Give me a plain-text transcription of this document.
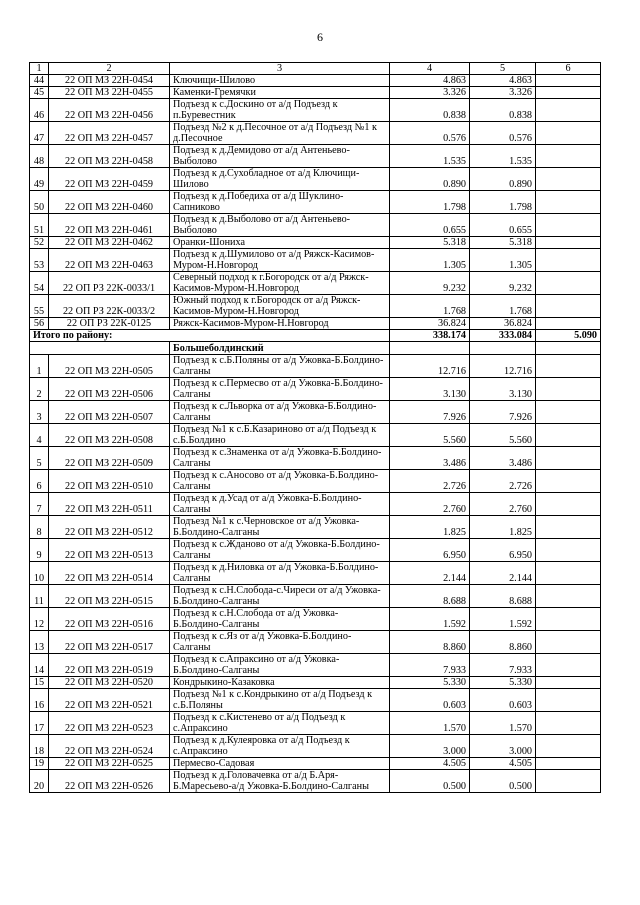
6
1	2	3	4	5	6
44	22 ОП МЗ 22Н-0454	Ключищи-Шилово	4.863	4.863	
45	22 ОП МЗ 22Н-0455	Каменки-Гремячки	3.326	3.326	
46	22 ОП МЗ 22Н-0456	Подъезд к с.Доскино от а/д Подъезд к п.Буревестник	0.838	0.838	
47	22 ОП МЗ 22Н-0457	Подъезд №2 к д.Песочное от а/д Подъезд №1 к д.Песочное	0.576	0.576	
48	22 ОП МЗ 22Н-0458	Подъезд к д.Демидово от а/д Антеньево-Выболово	1.535	1.535	
49	22 ОП МЗ 22Н-0459	Подъезд к д.Сухобладное от а/д Ключищи-Шилово	0.890	0.890	
50	22 ОП МЗ 22Н-0460	Подъезд к д.Победиха от а/д Шуклино-Сапниково	1.798	1.798	
51	22 ОП МЗ 22Н-0461	Подъезд к д.Выболово от а/д Антеньево-Выболово	0.655	0.655	
52	22 ОП МЗ 22Н-0462	Оранки-Шониха	5.318	5.318	
53	22 ОП МЗ 22Н-0463	Подъезд к д.Шумилово от а/д Ряжск-Касимов-Муром-Н.Новгород	1.305	1.305	
54	22 ОП РЗ 22К-0033/1	Северный подход к г.Богородск от а/д Ряжск-Касимов-Муром-Н.Новгород	9.232	9.232	
55	22 ОП РЗ 22К-0033/2	Южный подход к г.Богородск от а/д Ряжск-Касимов-Муром-Н.Новгород	1.768	1.768	
56	22 ОП РЗ 22К-0125	Ряжск-Касимов-Муром-Н.Новгород	36.824	36.824	
Итого по району:			338.174	333.084	5.090
		Большеболдинский			
1	22 ОП МЗ 22Н-0505	Подъезд к с.Б.Поляны от а/д Ужовка-Б.Болдино-Салганы	12.716	12.716	
2	22 ОП МЗ 22Н-0506	Подъезд к с.Пермесво от а/д Ужовка-Б.Болдино-Салганы	3.130	3.130	
3	22 ОП МЗ 22Н-0507	Подъезд к с.Льворка от а/д Ужовка-Б.Болдино-Салганы	7.926	7.926	
4	22 ОП МЗ 22Н-0508	Подъезд №1 к с.Б.Казариново от а/д Подъезд к с.Б.Болдино	5.560	5.560	
5	22 ОП МЗ 22Н-0509	Подъезд к с.Знаменка от а/д Ужовка-Б.Болдино-Салганы	3.486	3.486	
6	22 ОП МЗ 22Н-0510	Подъезд к с.Аносово от а/д Ужовка-Б.Болдино-Салганы	2.726	2.726	
7	22 ОП МЗ 22Н-0511	Подъезд к д.Усад от а/д Ужовка-Б.Болдино-Салганы	2.760	2.760	
8	22 ОП МЗ 22Н-0512	Подъезд №1 к с.Черновское от а/д Ужовка-Б.Болдино-Салганы	1.825	1.825	
9	22 ОП МЗ 22Н-0513	Подъезд к с.Жданово от а/д Ужовка-Б.Болдино-Салганы	6.950	6.950	
10	22 ОП МЗ 22Н-0514	Подъезд к д.Ниловка от а/д Ужовка-Б.Болдино-Салганы	2.144	2.144	
11	22 ОП МЗ 22Н-0515	Подъезд к с.Н.Слобода-с.Чиреси от а/д Ужовка-Б.Болдино-Салганы	8.688	8.688	
12	22 ОП МЗ 22Н-0516	Подъезд к с.Н.Слобода от а/д Ужовка-Б.Болдино-Салганы	1.592	1.592	
13	22 ОП МЗ 22Н-0517	Подъезд к с.Яз от а/д Ужовка-Б.Болдино-Салганы	8.860	8.860	
14	22 ОП МЗ 22Н-0519	Подъезд к с.Апраксино от а/д Ужовка-Б.Болдино-Салганы	7.933	7.933	
15	22 ОП МЗ 22Н-0520	Кондрыкино-Казаковка	5.330	5.330	
16	22 ОП МЗ 22Н-0521	Подъезд №1 к с.Кондрыкино от а/д Подъезд к с.Б.Поляны	0.603	0.603	
17	22 ОП МЗ 22Н-0523	Подъезд к с.Кистенево от а/д Подъезд к с.Апраксино	1.570	1.570	
18	22 ОП МЗ 22Н-0524	Подъезд к д.Кулеяровка от а/д Подъезд к с.Апраксино	3.000	3.000	
19	22 ОП МЗ 22Н-0525	Пермесво-Садовая	4.505	4.505	
20	22 ОП МЗ 22Н-0526	Подъезд к д.Головачевка от а/д Б.Аря-Б.Маресьево-а/д Ужовка-Б.Болдино-Салганы	0.500	0.500	
